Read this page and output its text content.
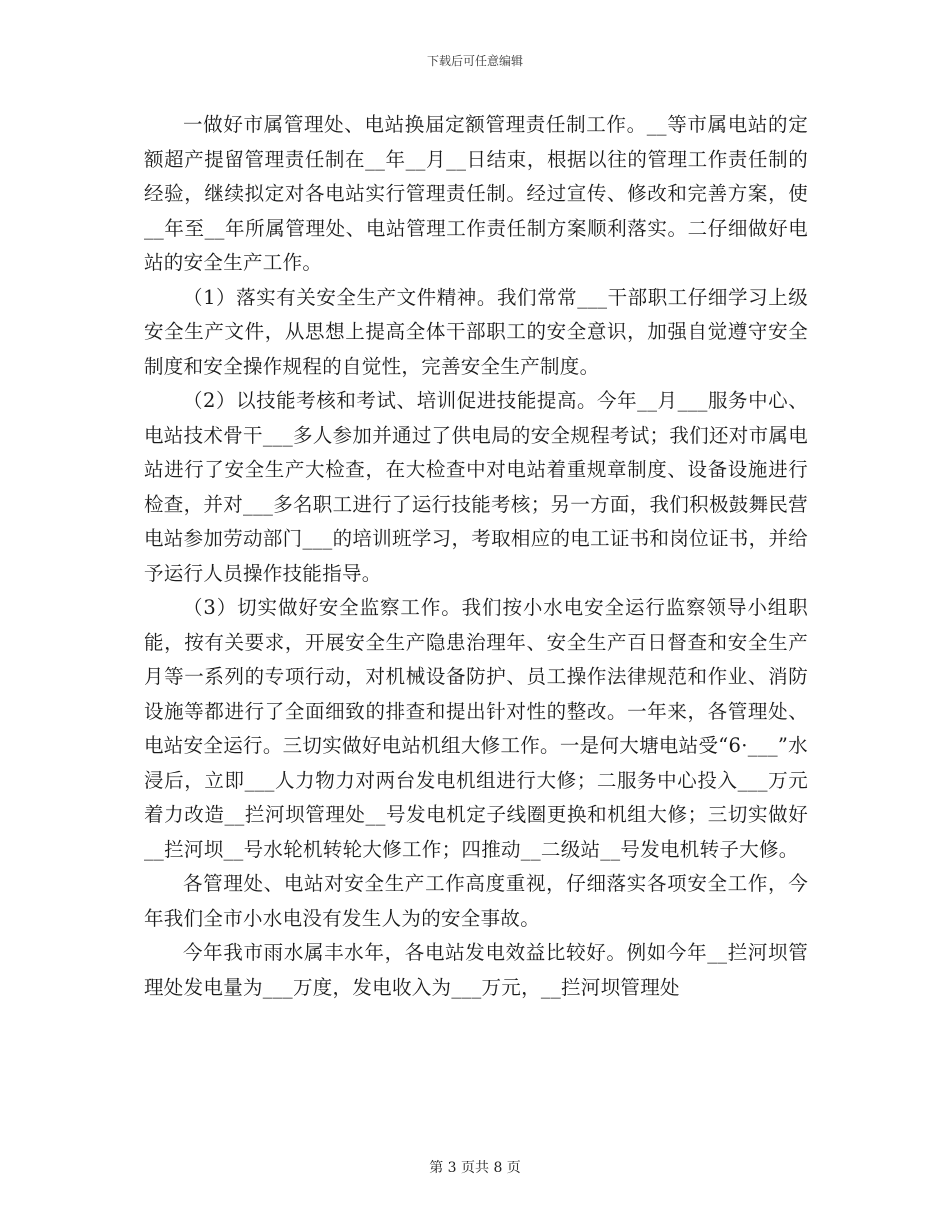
下载后可任意编辑

一做好市属管理处、电站换届定额管理责任制工作。__等市属电站的定额超产提留管理责任制在__年__月__日结束，根据以往的管理工作责任制的经验，继续拟定对各电站实行管理责任制。经过宣传、修改和完善方案，使__年至__年所属管理处、电站管理工作责任制方案顺利落实。二仔细做好电站的安全生产工作。

（1）落实有关安全生产文件精神。我们常常___干部职工仔细学习上级安全生产文件，从思想上提高全体干部职工的安全意识，加强自觉遵守安全制度和安全操作规程的自觉性，完善安全生产制度。

（2）以技能考核和考试、培训促进技能提高。今年__月___服务中心、电站技术骨干___多人参加并通过了供电局的安全规程考试；我们还对市属电站进行了安全生产大检查，在大检查中对电站着重规章制度、设备设施进行检查，并对___多名职工进行了运行技能考核；另一方面，我们积极鼓舞民营电站参加劳动部门___的培训班学习，考取相应的电工证书和岗位证书，并给予运行人员操作技能指导。

（3）切实做好安全监察工作。我们按小水电安全运行监察领导小组职能，按有关要求，开展安全生产隐患治理年、安全生产百日督查和安全生产月等一系列的专项行动，对机械设备防护、员工操作法律规范和作业、消防设施等都进行了全面细致的排查和提出针对性的整改。一年来，各管理处、电站安全运行。三切实做好电站机组大修工作。一是何大塘电站受“6·___”水浸后，立即___人力物力对两台发电机组进行大修；二服务中心投入___万元着力改造__拦河坝管理处__号发电机定子线圈更换和机组大修；三切实做好__拦河坝__号水轮机转轮大修工作；四推动__二级站__号发电机转子大修。

各管理处、电站对安全生产工作高度重视，仔细落实各项安全工作，今年我们全市小水电没有发生人为的安全事故。

今年我市雨水属丰水年，各电站发电效益比较好。例如今年__拦河坝管理处发电量为___万度，发电收入为___万元，__拦河坝管理处

第 3 页共 8 页
